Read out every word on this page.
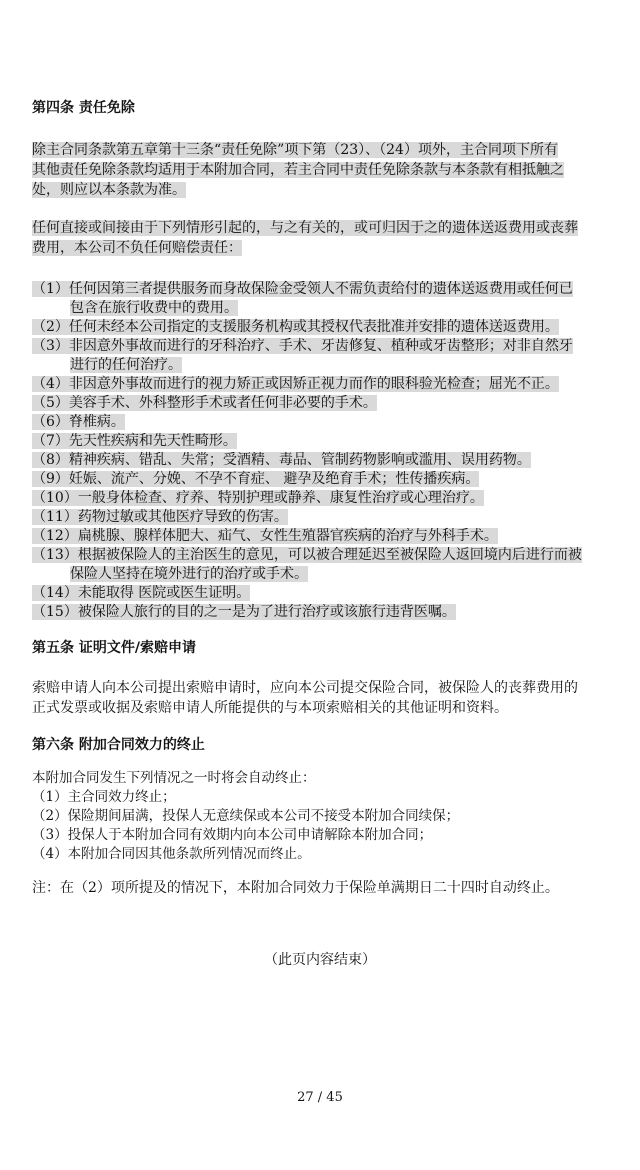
第四条 责任免除
除主合同条款第五章第十三条“责任免除”项下第（23）、（24）项外，主合同项下所有
其他责任免除条款均适用于本附加合同，若主合同中责任免除条款与本条款有相抵触之
处，则应以本条款为准。
任何直接或间接由于下列情形引起的，与之有关的，或可归因于之的遗体送返费用或丧葬
费用，本公司不负任何赔偿责任：
（1）任何因第三者提供服务而身故保险金受领人不需负责给付的遗体送返费用或任何已
包含在旅行收费中的费用。
（2）任何未经本公司指定的支援服务机构或其授权代表批准并安排的遗体送返费用。
（3）非因意外事故而进行的牙科治疗、手术、牙齿修复、植种或牙齿整形；对非自然牙
进行的任何治疗。
（4）非因意外事故而进行的视力矫正或因矫正视力而作的眼科验光检查；屈光不正。
（5）美容手术、外科整形手术或者任何非必要的手术。
（6）脊椎病。
（7）先天性疾病和先天性畸形。
（8）精神疾病、错乱、失常；受酒精、毒品、管制药物影响或滥用、误用药物。
（9）妊娠、流产、分娩、不孕不育症、 避孕及绝育手术；性传播疾病。
（10）一般身体检查、疗养、特别护理或静养、康复性治疗或心理治疗。
（11）药物过敏或其他医疗导致的伤害。
（12）扁桃腺、腺样体肥大、疝气、女性生殖器官疾病的治疗与外科手术。
（13）根据被保险人的主治医生的意见，可以被合理延迟至被保险人返回境内后进行而被
保险人坚持在境外进行的治疗或手术。
（14）未能取得 医院或医生证明。
（15）被保险人旅行的目的之一是为了进行治疗或该旅行违背医嘱。
第五条 证明文件/索赔申请
索赔申请人向本公司提出索赔申请时，应向本公司提交保险合同，被保险人的丧葬费用的
正式发票或收据及索赔申请人所能提供的与本项索赔相关的其他证明和资料。
第六条 附加合同效力的终止
本附加合同发生下列情况之一时将会自动终止：
（1）主合同效力终止；
（2）保险期间届满，投保人无意续保或本公司不接受本附加合同续保；
（3）投保人于本附加合同有效期内向本公司申请解除本附加合同；
（4）本附加合同因其他条款所列情况而终止。
注：在（2）项所提及的情况下，本附加合同效力于保险单满期日二十四时自动终止。
（此页内容结束）
27 / 45
